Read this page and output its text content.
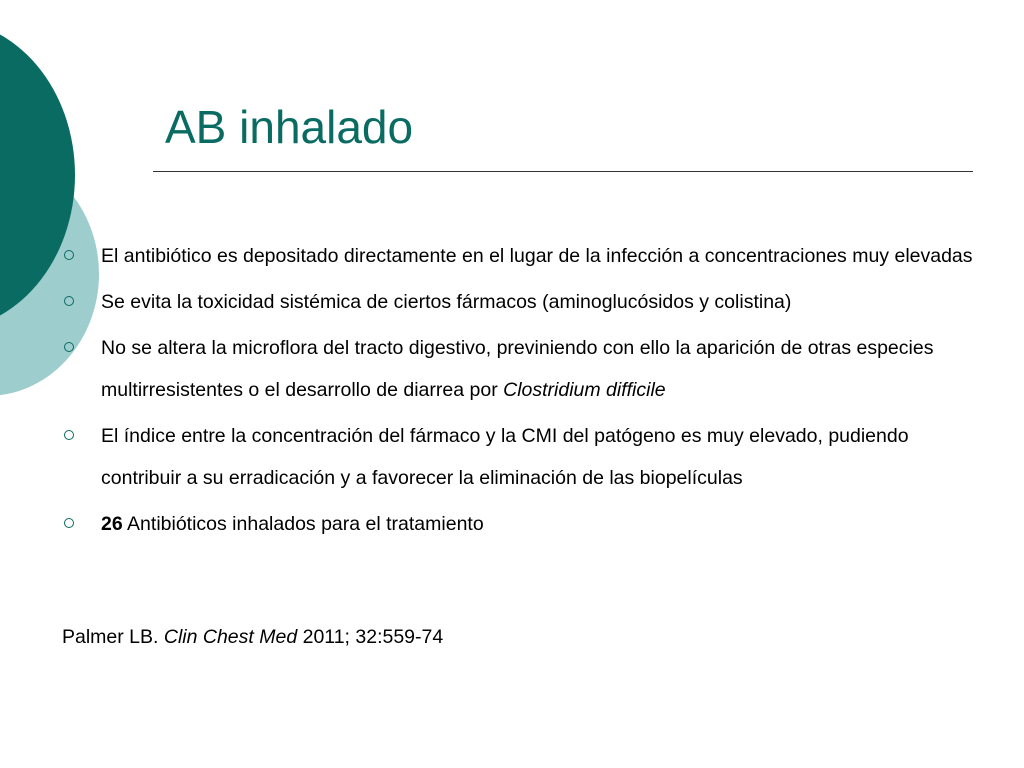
AB inhalado
El antibiótico es depositado directamente en el lugar de la infección a concentraciones muy elevadas
Se evita la toxicidad sistémica de ciertos fármacos (aminoglucósidos y colistina)
No se altera la microflora del tracto digestivo, previniendo con ello la aparición de otras especies multirresistentes o el desarrollo de diarrea por Clostridium difficile
El índice entre la concentración del fármaco y la CMI del patógeno es muy elevado, pudiendo contribuir a su erradicación y a favorecer la eliminación de las biopelículas
26 Antibióticos inhalados para el tratamiento
Palmer LB. Clin Chest Med 2011; 32:559-74
